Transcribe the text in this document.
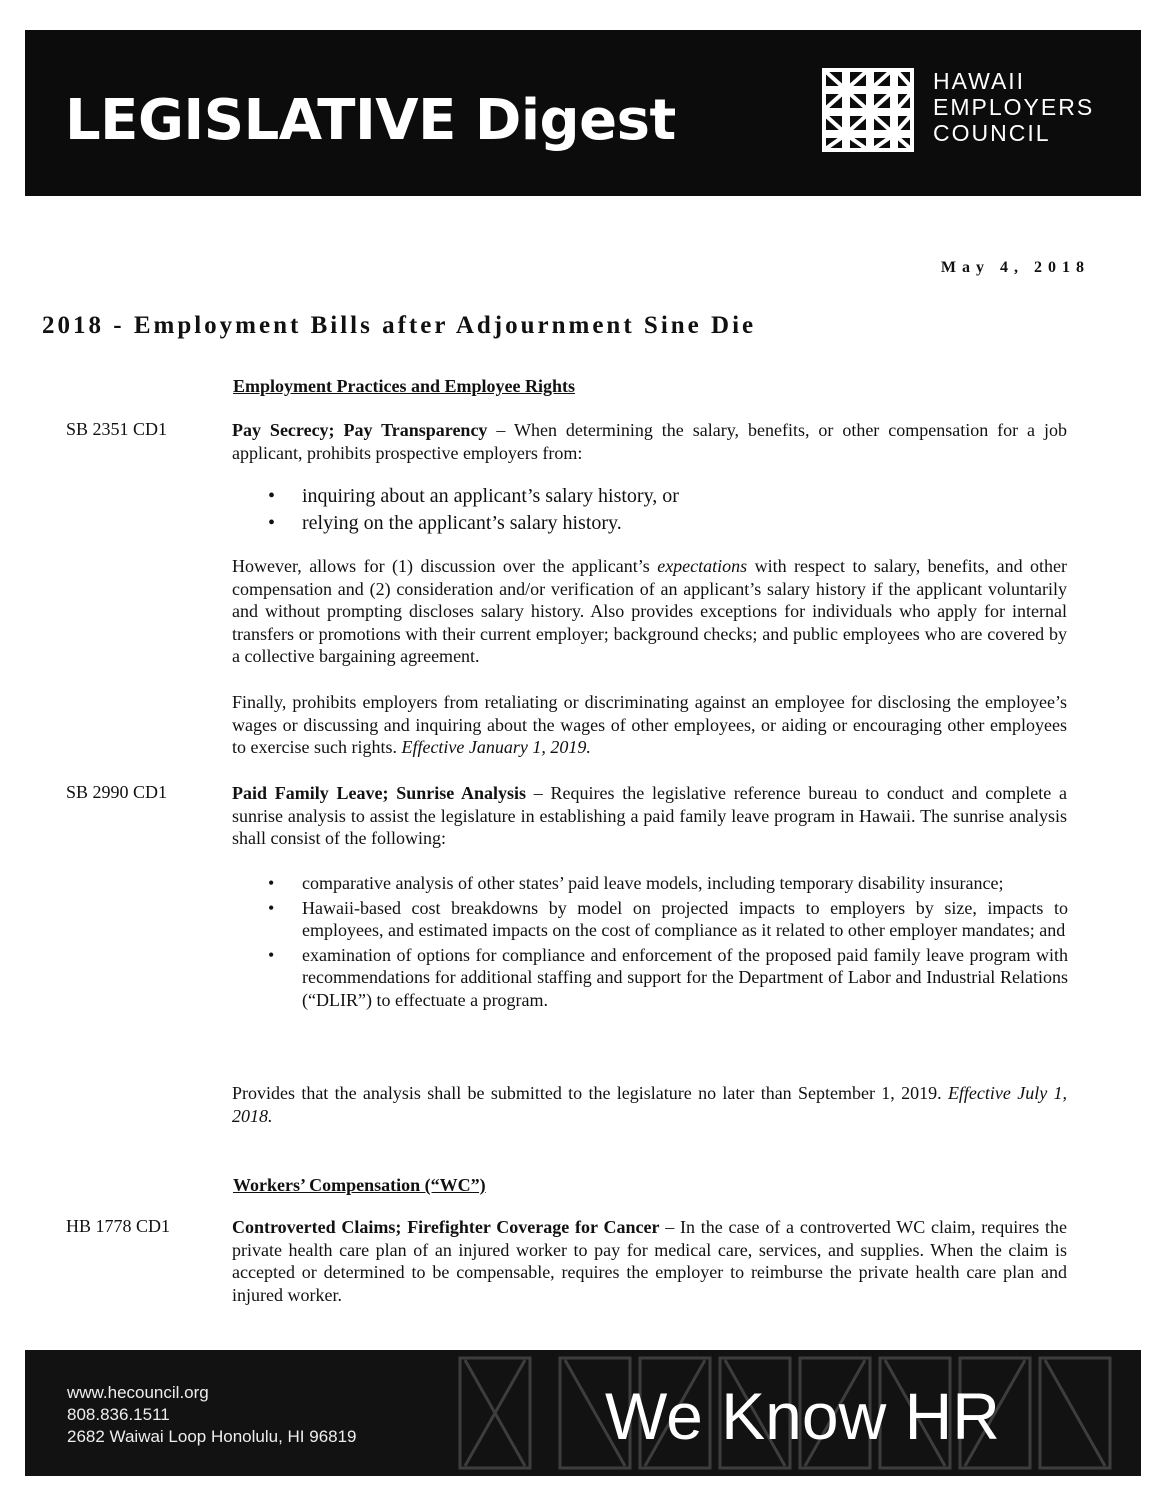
LEGISLATIVE Digest
HAWAII
EMPLOYERS
COUNCIL
May 4, 2018
2018 - Employment Bills after Adjournment Sine Die
Employment Practices and Employee Rights
SB 2351 CD1	Pay Secrecy; Pay Transparency – When determining the salary, benefits, or other compensation for a job applicant, prohibits prospective employers from:
• inquiring about an applicant’s salary history, or
• relying on the applicant’s salary history.
However, allows for (1) discussion over the applicant’s expectations with respect to salary, benefits, and other compensation and (2) consideration and/or verification of an applicant’s salary history if the applicant voluntarily and without prompting discloses salary history. Also provides exceptions for individuals who apply for internal transfers or promotions with their current employer; background checks; and public employees who are covered by a collective bargaining agreement.
Finally, prohibits employers from retaliating or discriminating against an employee for disclosing the employee’s wages or discussing and inquiring about the wages of other employees, or aiding or encouraging other employees to exercise such rights. Effective January 1, 2019.
SB 2990 CD1	Paid Family Leave; Sunrise Analysis – Requires the legislative reference bureau to conduct and complete a sunrise analysis to assist the legislature in establishing a paid family leave program in Hawaii. The sunrise analysis shall consist of the following:
• comparative analysis of other states’ paid leave models, including temporary disability insurance;
• Hawaii-based cost breakdowns by model on projected impacts to employers by size, impacts to employees, and estimated impacts on the cost of compliance as it related to other employer mandates; and
• examination of options for compliance and enforcement of the proposed paid family leave program with recommendations for additional staffing and support for the Department of Labor and Industrial Relations (“DLIR”) to effectuate a program.
Provides that the analysis shall be submitted to the legislature no later than September 1, 2019. Effective July 1, 2018.
Workers’ Compensation (“WC”)
HB 1778 CD1	Controverted Claims; Firefighter Coverage for Cancer – In the case of a controverted WC claim, requires the private health care plan of an injured worker to pay for medical care, services, and supplies. When the claim is accepted or determined to be compensable, requires the employer to reimburse the private health care plan and injured worker.
www.hecouncil.org
808.836.1511
2682 Waiwai Loop Honolulu, HI 96819	We Know HR
